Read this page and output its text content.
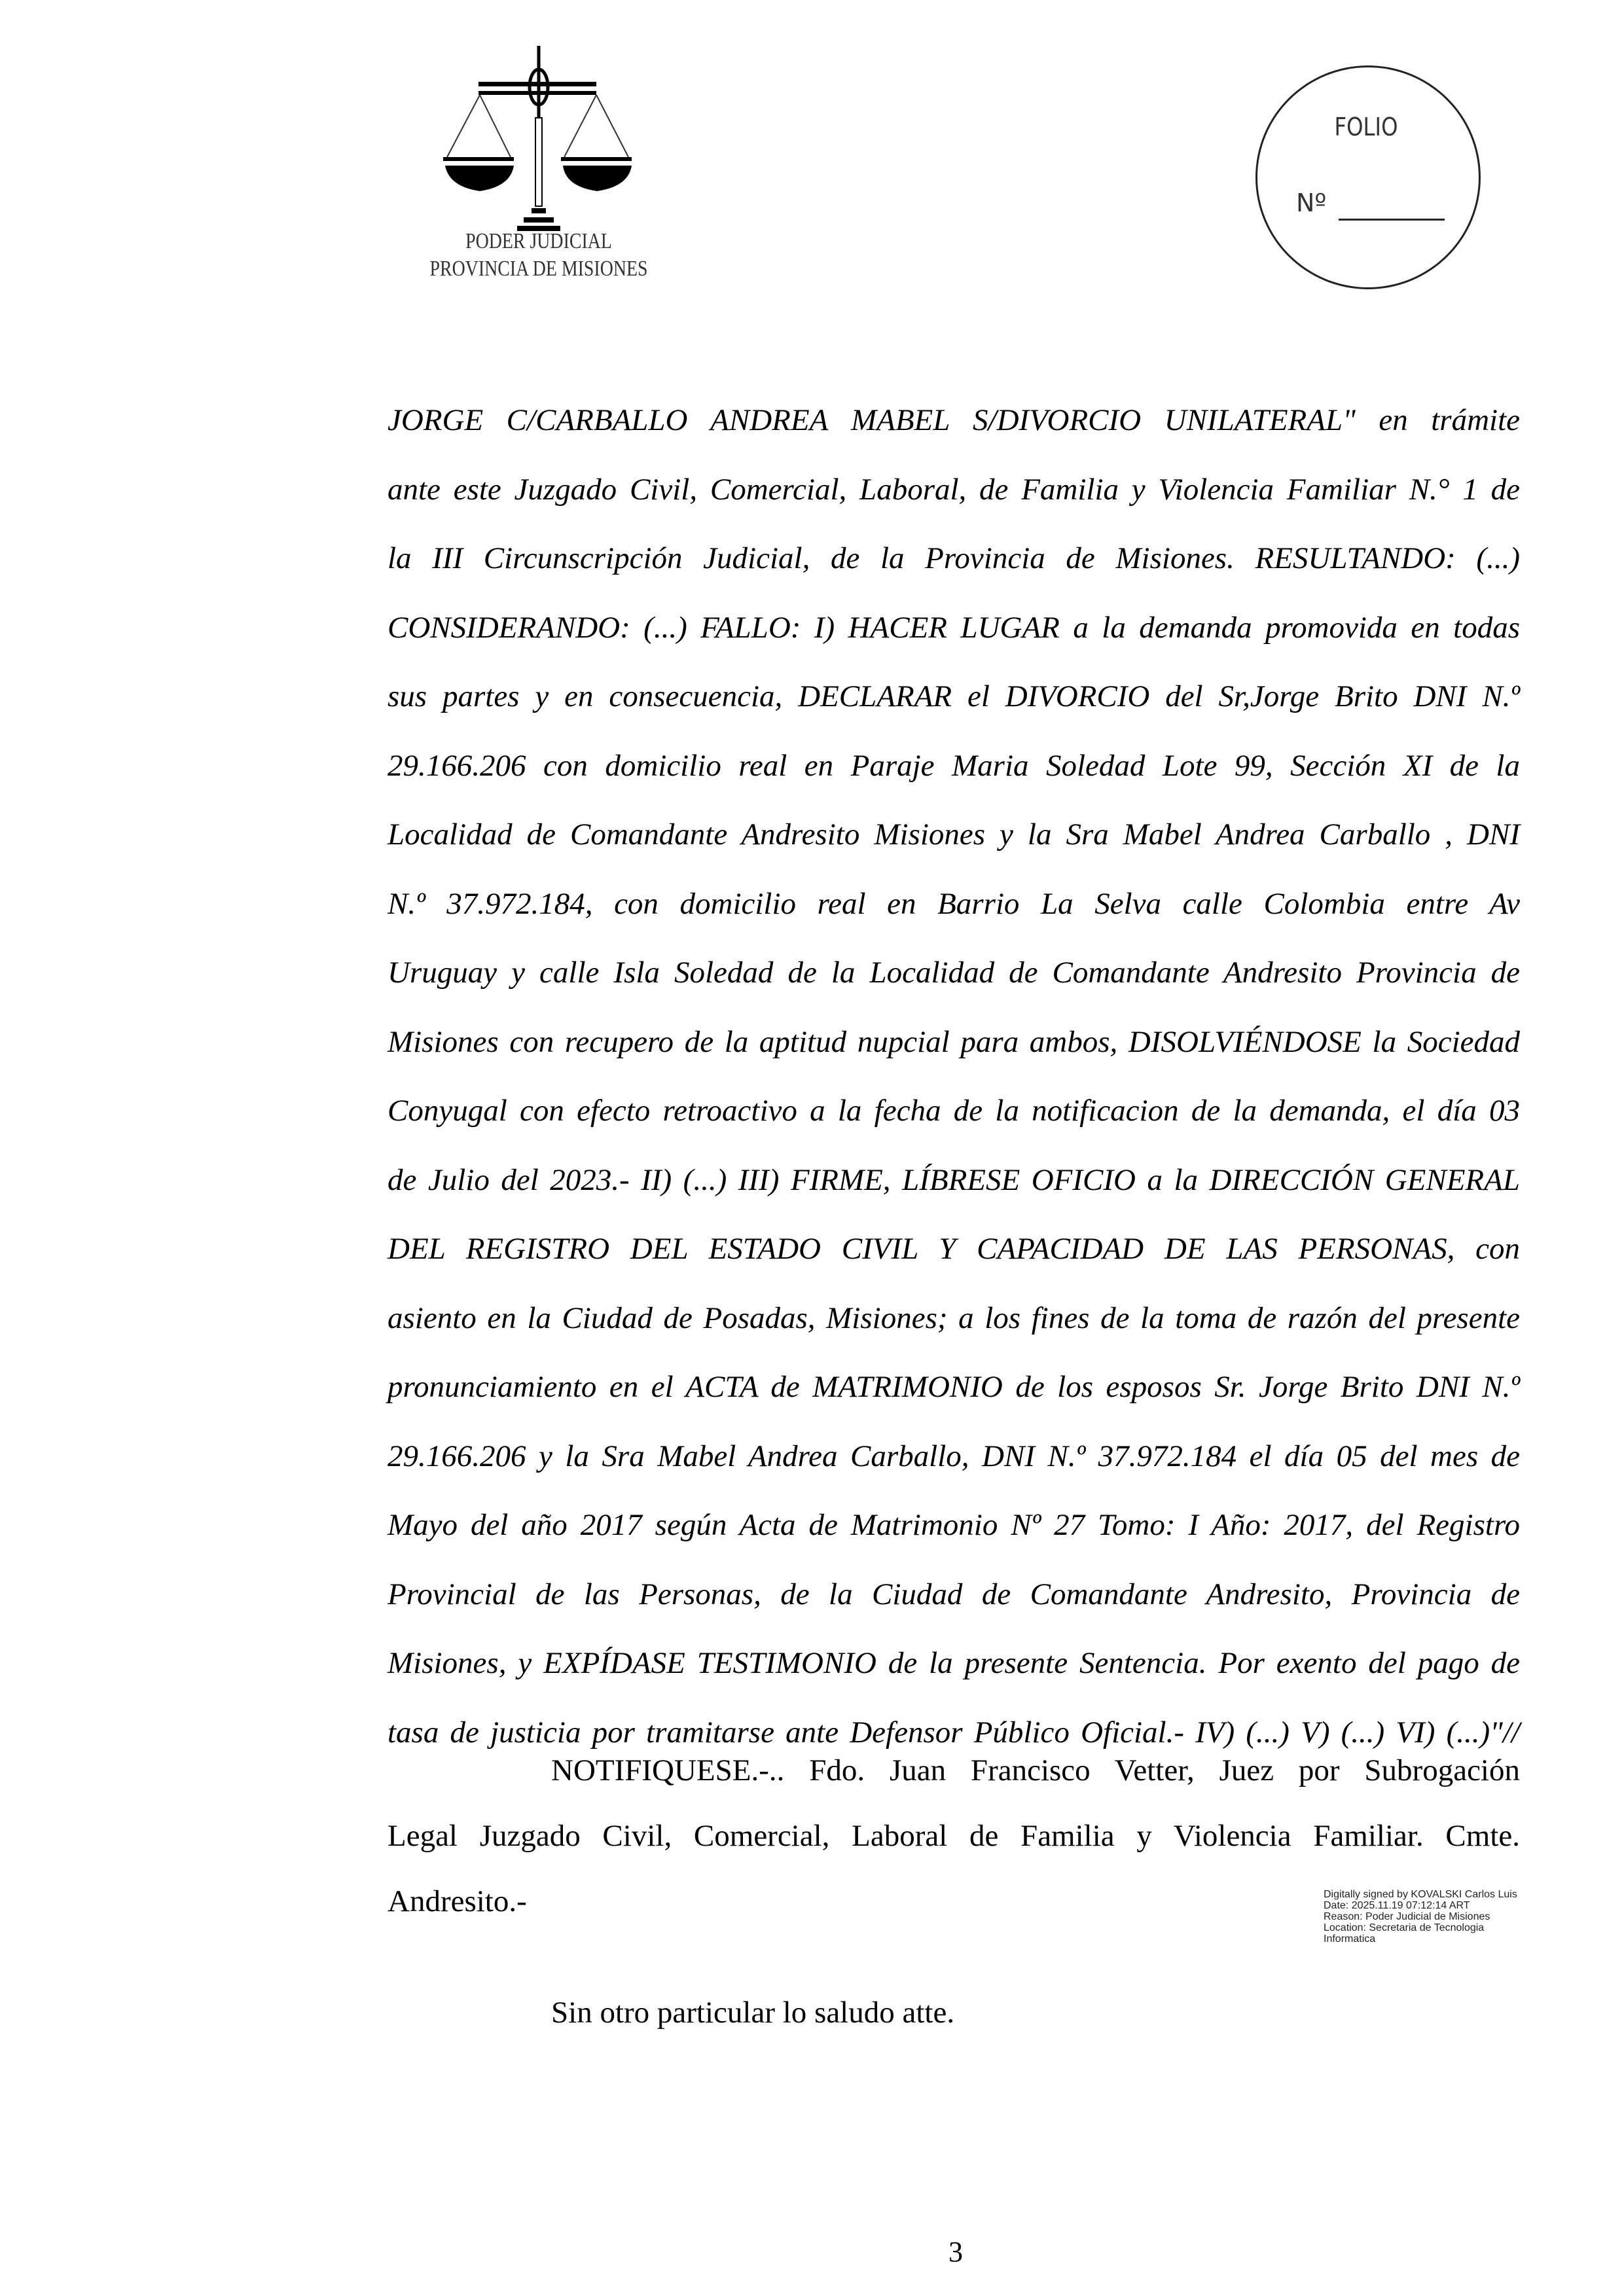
PODER JUDICIAL
PROVINCIA DE MISIONES
FOLIO
Nº
JORGE C/CARBALLO ANDREA MABEL S/DIVORCIO UNILATERAL" en trámite
ante este Juzgado Civil, Comercial, Laboral, de Familia y Violencia Familiar N.° 1 de
la III Circunscripción Judicial, de la Provincia de Misiones. RESULTANDO: (...)
CONSIDERANDO: (...) FALLO: I) HACER LUGAR a la demanda promovida en todas
sus partes y en consecuencia, DECLARAR el DIVORCIO del Sr,Jorge Brito DNI N.º
29.166.206 con domicilio real en Paraje Maria Soledad Lote 99, Sección XI de la
Localidad de Comandante Andresito Misiones y la Sra Mabel Andrea Carballo , DNI
N.º 37.972.184, con domicilio real en Barrio La Selva calle Colombia entre Av
Uruguay y calle Isla Soledad de la Localidad de Comandante Andresito Provincia de
Misiones con recupero de la aptitud nupcial para ambos, DISOLVIÉNDOSE la Sociedad
Conyugal con efecto retroactivo a la fecha de la notificacion de la demanda, el día 03
de Julio del 2023.- II) (...) III) FIRME, LÍBRESE OFICIO a la DIRECCIÓN GENERAL
DEL REGISTRO DEL ESTADO CIVIL Y CAPACIDAD DE LAS PERSONAS, con
asiento en la Ciudad de Posadas, Misiones; a los fines de la toma de razón del presente
pronunciamiento en el ACTA de MATRIMONIO de los esposos Sr. Jorge Brito DNI N.º
29.166.206 y la Sra Mabel Andrea Carballo, DNI N.º 37.972.184 el día 05 del mes de
Mayo del año 2017 según Acta de Matrimonio Nº 27 Tomo: I Año: 2017, del Registro
Provincial de las Personas, de la Ciudad de Comandante Andresito, Provincia de
Misiones, y EXPÍDASE TESTIMONIO de la presente Sentencia. Por exento del pago de
tasa de justicia por tramitarse ante Defensor Público Oficial.- IV) (...) V) (...) VI) (...)"//
NOTIFIQUESE.-.. Fdo. Juan Francisco Vetter, Juez por Subrogación
Legal Juzgado Civil, Comercial, Laboral de Familia y Violencia Familiar. Cmte.
Andresito.-
Sin otro particular lo saludo atte.
Digitally signed by KOVALSKI Carlos Luis
Date: 2025.11.19 07:12:14 ART
Reason: Poder Judicial de Misiones
Location: Secretaria de Tecnologia
Informatica
3
